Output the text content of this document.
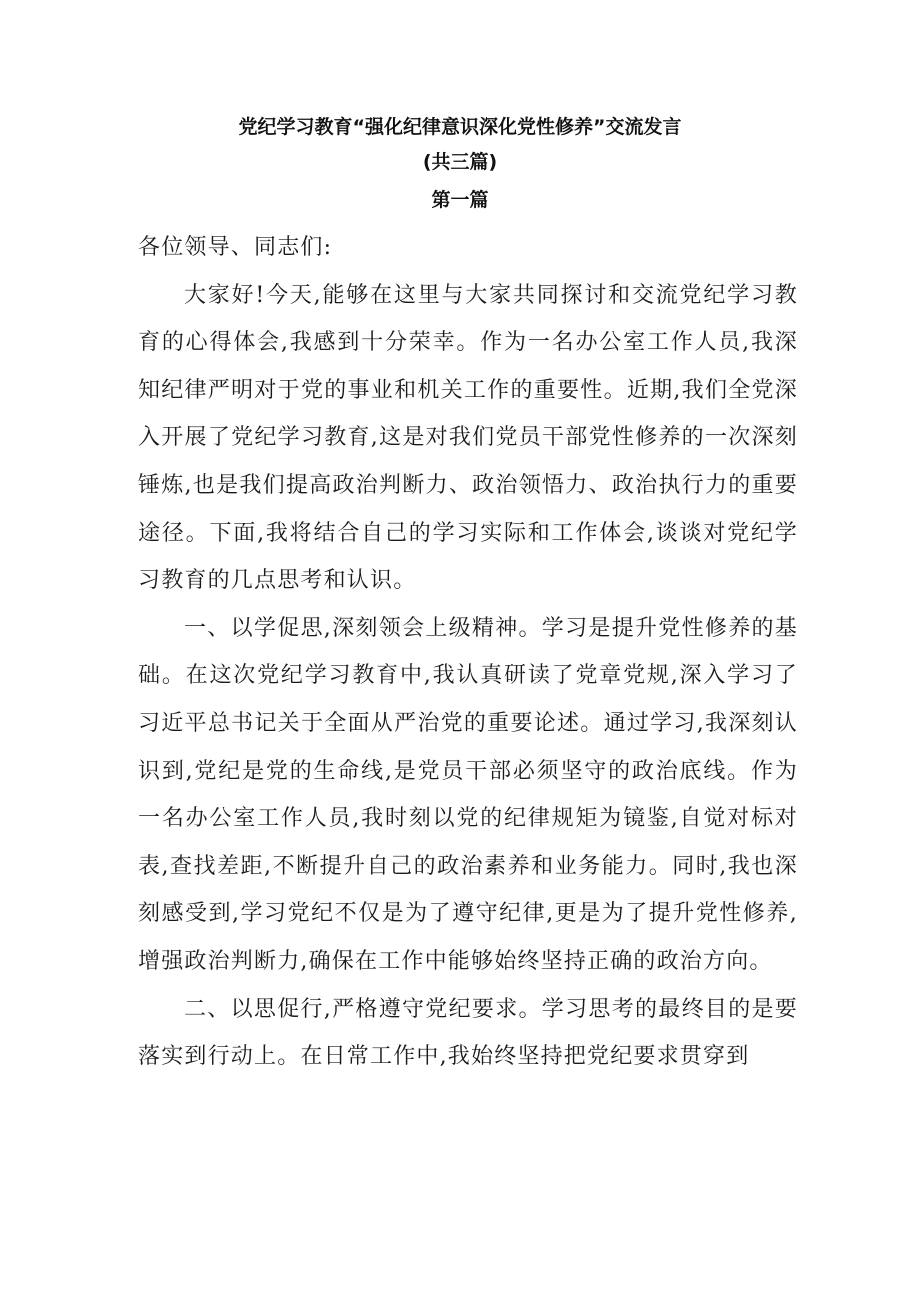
党纪学习教育“强化纪律意识深化党性修养”交流发言
(共三篇)
第一篇

各位领导、同志们:

大家好!今天,能够在这里与大家共同探讨和交流党纪学习教育的心得体会,我感到十分荣幸。作为一名办公室工作人员,我深知纪律严明对于党的事业和机关工作的重要性。近期,我们全党深入开展了党纪学习教育,这是对我们党员干部党性修养的一次深刻锤炼,也是我们提高政治判断力、政治领悟力、政治执行力的重要途径。下面,我将结合自己的学习实际和工作体会,谈谈对党纪学习教育的几点思考和认识。

一、以学促思,深刻领会上级精神。学习是提升党性修养的基础。在这次党纪学习教育中,我认真研读了党章党规,深入学习了习近平总书记关于全面从严治党的重要论述。通过学习,我深刻认识到,党纪是党的生命线,是党员干部必须坚守的政治底线。作为一名办公室工作人员,我时刻以党的纪律规矩为镜鉴,自觉对标对表,查找差距,不断提升自己的政治素养和业务能力。同时,我也深刻感受到,学习党纪不仅是为了遵守纪律,更是为了提升党性修养,增强政治判断力,确保在工作中能够始终坚持正确的政治方向。

二、以思促行,严格遵守党纪要求。学习思考的最终目的是要落实到行动上。在日常工作中,我始终坚持把党纪要求贯穿到
